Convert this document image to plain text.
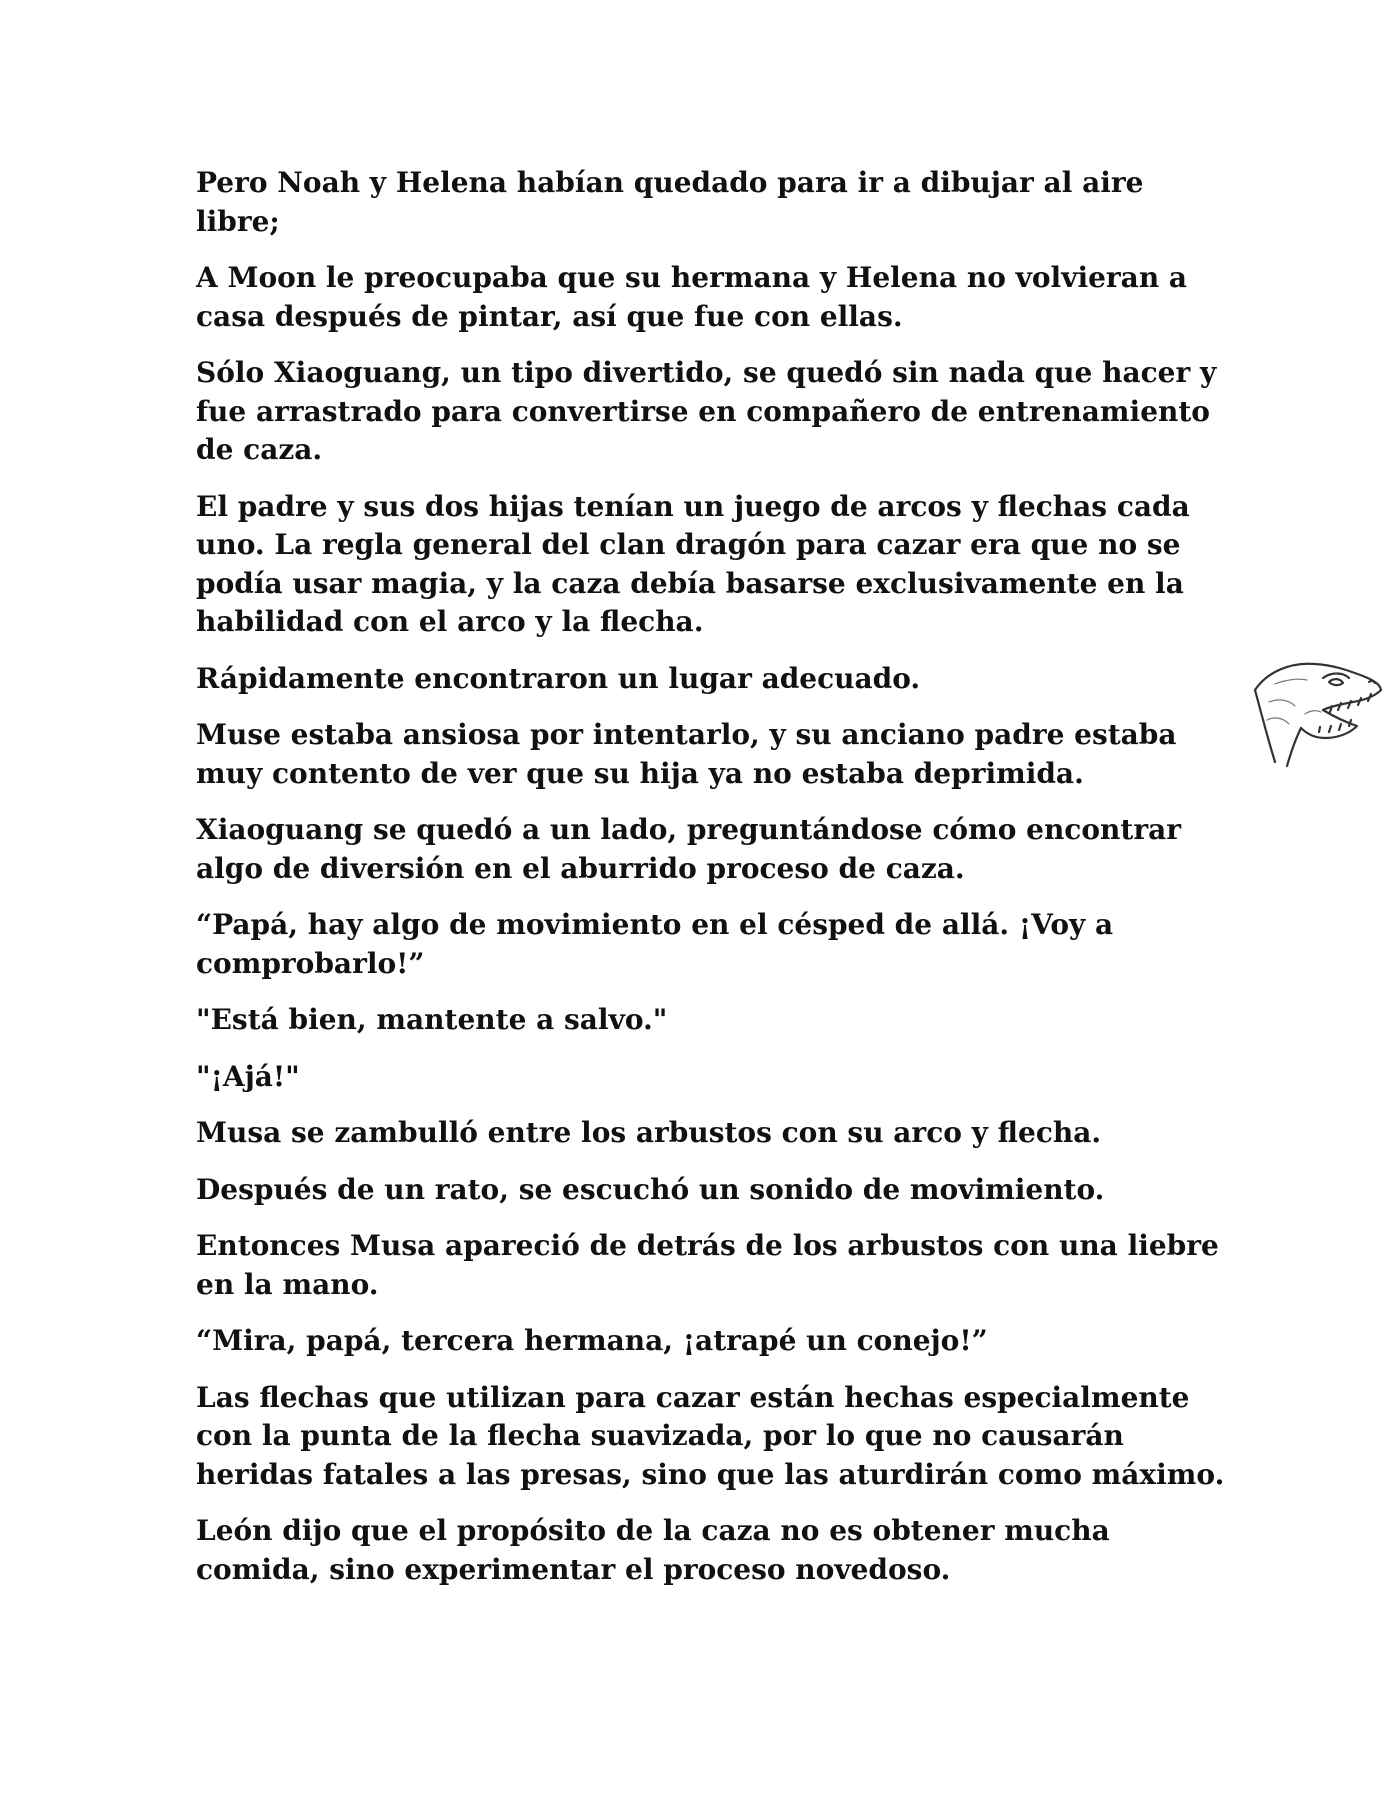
Pero Noah y Helena habían quedado para ir a dibujar al aire libre;

A Moon le preocupaba que su hermana y Helena no volvieran a casa después de pintar, así que fue con ellas.

Sólo Xiaoguang, un tipo divertido, se quedó sin nada que hacer y fue arrastrado para convertirse en compañero de entrenamiento de caza.

El padre y sus dos hijas tenían un juego de arcos y flechas cada uno. La regla general del clan dragón para cazar era que no se podía usar magia, y la caza debía basarse exclusivamente en la habilidad con el arco y la flecha.

Rápidamente encontraron un lugar adecuado.

Muse estaba ansiosa por intentarlo, y su anciano padre estaba muy contento de ver que su hija ya no estaba deprimida.

Xiaoguang se quedó a un lado, preguntándose cómo encontrar algo de diversión en el aburrido proceso de caza.

“Papá, hay algo de movimiento en el césped de allá. ¡Voy a comprobarlo!”

"Está bien, mantente a salvo."

"¡Ajá!"

Musa se zambulló entre los arbustos con su arco y flecha.

Después de un rato, se escuchó un sonido de movimiento.

Entonces Musa apareció de detrás de los arbustos con una liebre en la mano.

“Mira, papá, tercera hermana, ¡atrapé un conejo!”

Las flechas que utilizan para cazar están hechas especialmente con la punta de la flecha suavizada, por lo que no causarán heridas fatales a las presas, sino que las aturdirán como máximo.

León dijo que el propósito de la caza no es obtener mucha comida, sino experimentar el proceso novedoso.
